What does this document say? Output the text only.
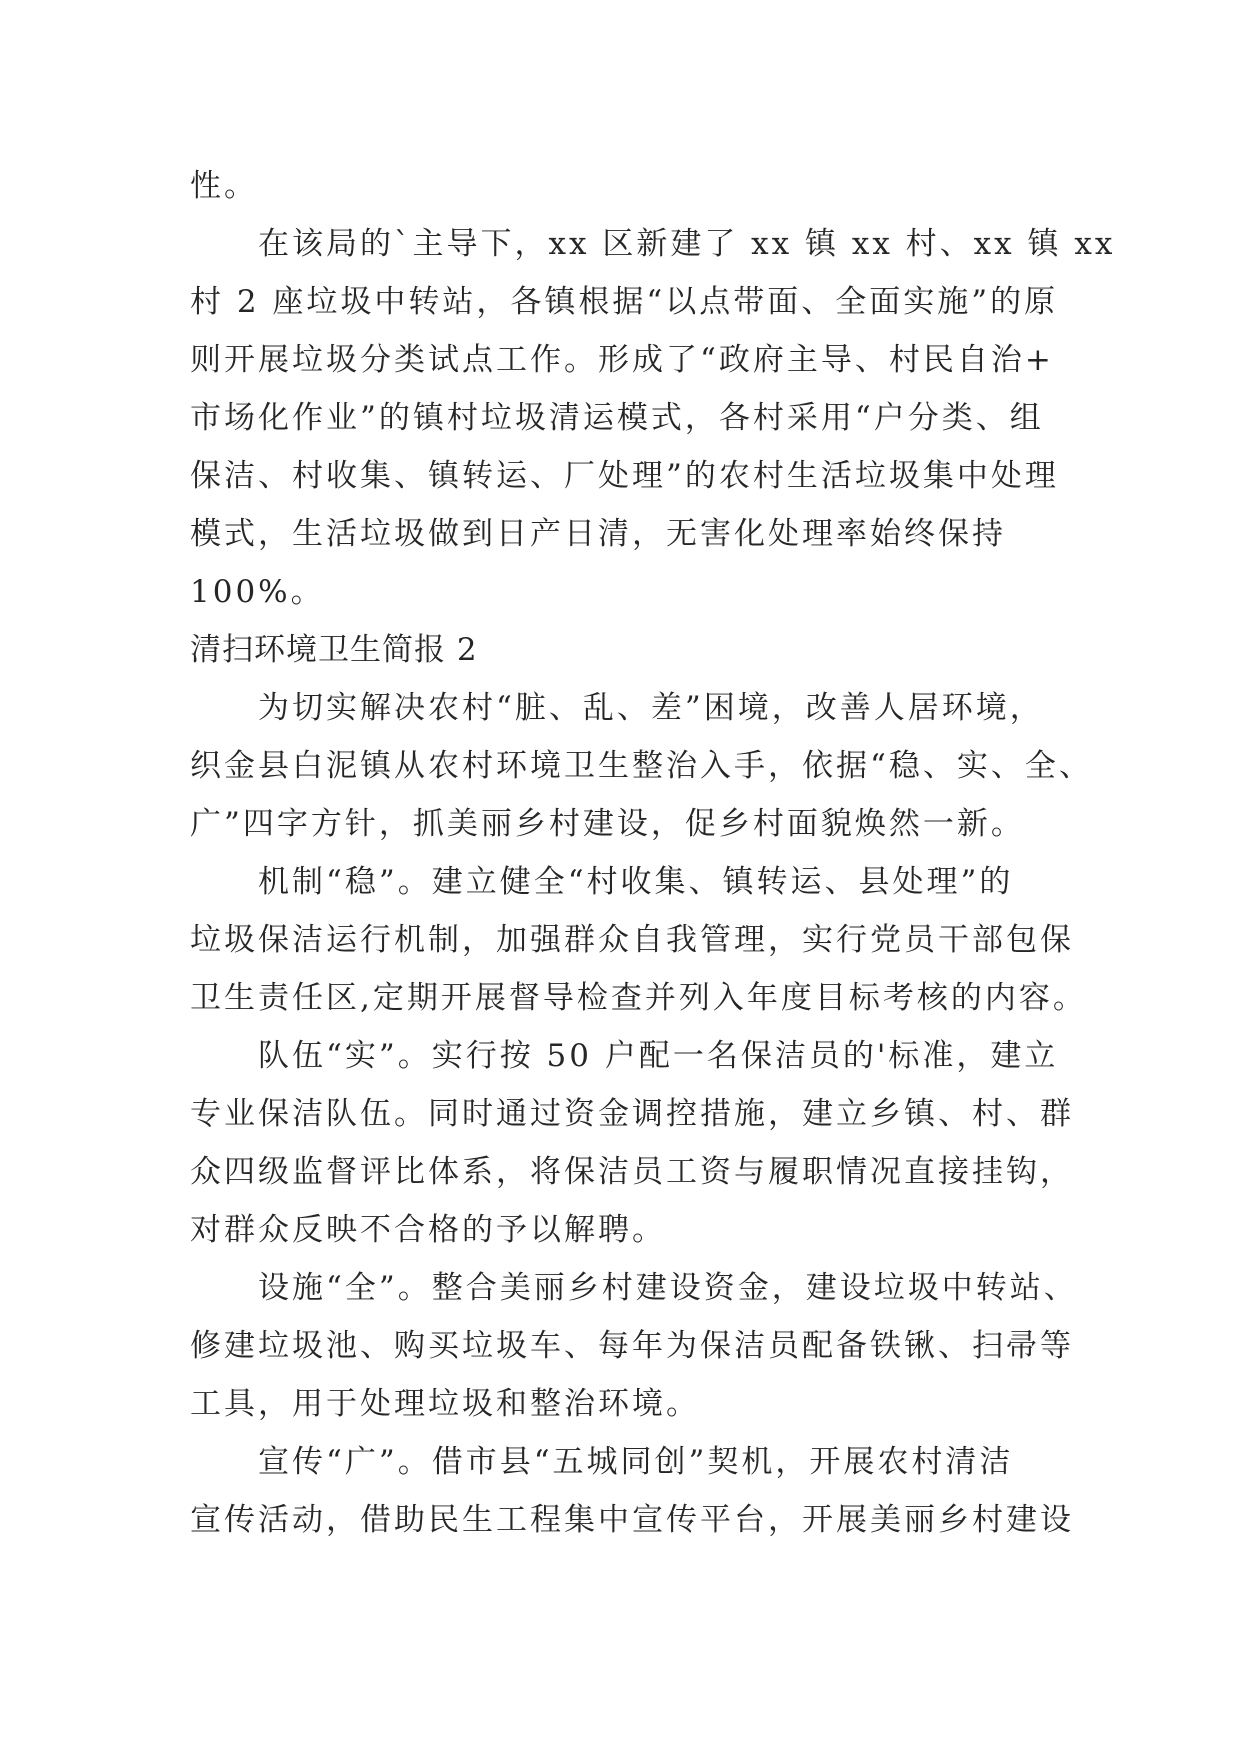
性。
在该局的`主导下，xx 区新建了 xx 镇 xx 村、xx 镇 xx
村 2 座垃圾中转站，各镇根据“以点带面、全面实施”的原
则开展垃圾分类试点工作。形成了“政府主导、村民自治+
市场化作业”的镇村垃圾清运模式，各村采用“户分类、组
保洁、村收集、镇转运、厂处理”的农村生活垃圾集中处理
模式，生活垃圾做到日产日清，无害化处理率始终保持
100%。
清扫环境卫生简报 2
为切实解决农村“脏、乱、差”困境，改善人居环境，
织金县白泥镇从农村环境卫生整治入手，依据“稳、实、全、
广”四字方针，抓美丽乡村建设，促乡村面貌焕然一新。
机制“稳”。建立健全“村收集、镇转运、县处理”的
垃圾保洁运行机制，加强群众自我管理，实行党员干部包保
卫生责任区,定期开展督导检查并列入年度目标考核的内容。
队伍“实”。实行按 50 户配一名保洁员的'标准，建立
专业保洁队伍。同时通过资金调控措施，建立乡镇、村、群
众四级监督评比体系，将保洁员工资与履职情况直接挂钩，
对群众反映不合格的予以解聘。
设施“全”。整合美丽乡村建设资金，建设垃圾中转站、
修建垃圾池、购买垃圾车、每年为保洁员配备铁锹、扫帚等
工具，用于处理垃圾和整治环境。
宣传“广”。借市县“五城同创”契机，开展农村清洁
宣传活动，借助民生工程集中宣传平台，开展美丽乡村建设
